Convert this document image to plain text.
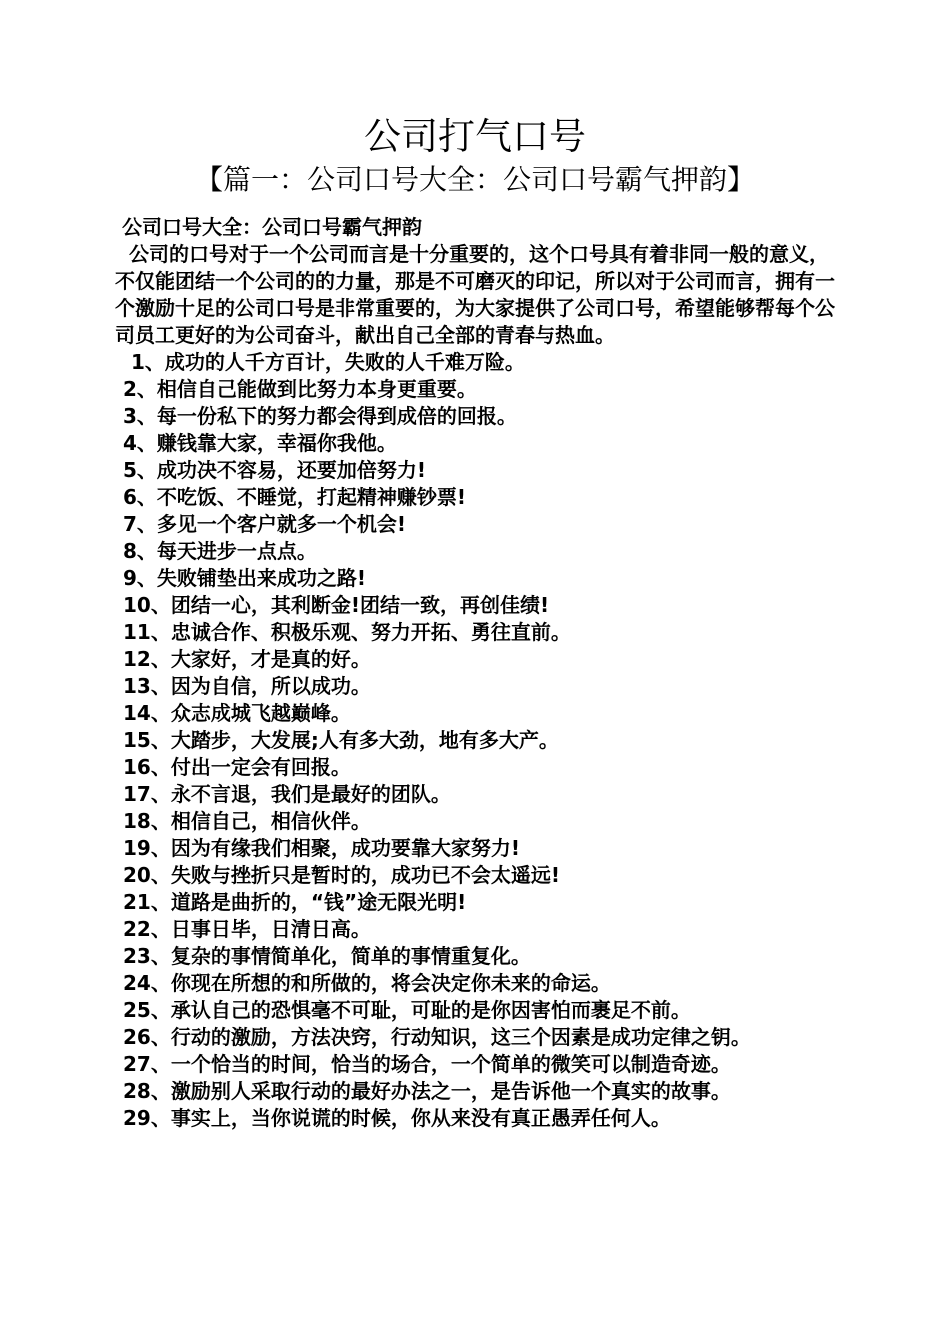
公司打气口号
【篇一：公司口号大全：公司口号霸气押韵】

公司口号大全：公司口号霸气押韵

公司的口号对于一个公司而言是十分重要的，这个口号具有着非同一般的意义，不仅能团结一个公司的的力量，那是不可磨灭的印记，所以对于公司而言，拥有一个激励十足的公司口号是非常重要的，为大家提供了公司口号，希望能够帮每个公司员工更好的为公司奋斗，献出自己全部的青春与热血。

1、成功的人千方百计，失败的人千难万险。
2、相信自己能做到比努力本身更重要。
3、每一份私下的努力都会得到成倍的回报。
4、赚钱靠大家，幸福你我他。
5、成功决不容易，还要加倍努力!
6、不吃饭、不睡觉，打起精神赚钞票!
7、多见一个客户就多一个机会!
8、每天进步一点点。
9、失败铺垫出来成功之路!
10、团结一心，其利断金!团结一致，再创佳绩!
11、忠诚合作、积极乐观、努力开拓、勇往直前。
12、大家好，才是真的好。
13、因为自信，所以成功。
14、众志成城飞越巅峰。
15、大踏步，大发展;人有多大劲，地有多大产。
16、付出一定会有回报。
17、永不言退，我们是最好的团队。
18、相信自己，相信伙伴。
19、因为有缘我们相聚，成功要靠大家努力!
20、失败与挫折只是暂时的，成功已不会太遥远!
21、道路是曲折的，“钱”途无限光明!
22、日事日毕，日清日高。
23、复杂的事情简单化，简单的事情重复化。
24、你现在所想的和所做的，将会决定你未来的命运。
25、承认自己的恐惧毫不可耻，可耻的是你因害怕而裹足不前。
26、行动的激励，方法决窍，行动知识，这三个因素是成功定律之钥。
27、一个恰当的时间，恰当的场合，一个简单的微笑可以制造奇迹。
28、激励别人采取行动的最好办法之一，是告诉他一个真实的故事。
29、事实上，当你说谎的时候，你从来没有真正愚弄任何人。
